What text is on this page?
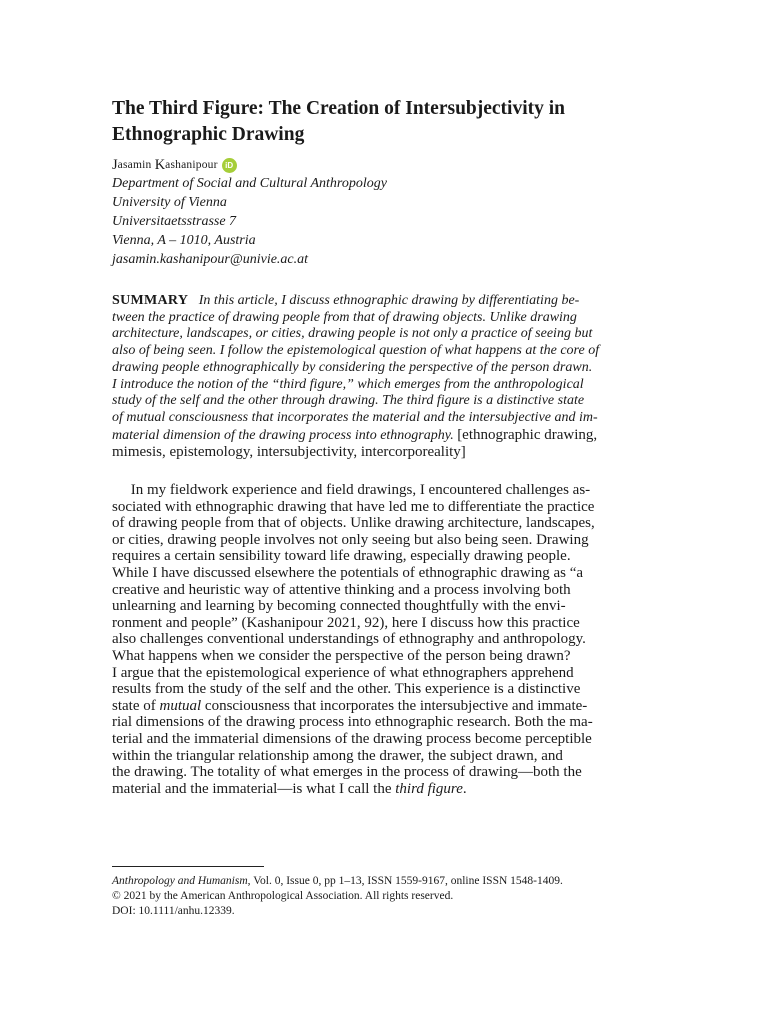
The Third Figure: The Creation of Intersubjectivity in
Ethnographic Drawing
J asamin
K ashanipour iD
Department of Social and Cultural Anthropology
University of Vienna
Universitaetsstrasse 7
Vienna, A – 1010, Austria
jasamin.kashanipour@univie.ac.at
SUMMARY In this article, I discuss ethnographic drawing by differentiating be-
tween the practice of drawing people from that of drawing objects. Unlike drawing
architecture, landscapes, or cities, drawing people is not only a practice of seeing but
also of being seen. I follow the epistemological question of what happens at the core of
drawing people ethnographically by considering the perspective of the person drawn.
I introduce the notion of the “third figure,” which emerges from the anthropological
study of the self and the other through drawing. The third figure is a distinctive state
of mutual consciousness that incorporates the material and the intersubjective and im-
material dimension of the drawing process into ethnography. [ethnographic drawing,
mimesis, epistemology, intersubjectivity, intercorporeality]
In my fieldwork experience and field drawings, I encountered challenges as-
sociated with ethnographic drawing that have led me to differentiate the practice
of drawing people from that of objects. Unlike drawing architecture, landscapes,
or cities, drawing people involves not only seeing but also being seen. Drawing
requires a certain sensibility toward life drawing, especially drawing people.
While I have discussed elsewhere the potentials of ethnographic drawing as “a
creative and heuristic way of attentive thinking and a process involving both
unlearning and learning by becoming connected thoughtfully with the envi-
ronment and people” (Kashanipour 2021, 92), here I discuss how this practice
also challenges conventional understandings of ethnography and anthropology.
What happens when we consider the perspective of the person being drawn?
I argue that the epistemological experience of what ethnographers apprehend
results from the study of the self and the other. This experience is a distinctive
state of mutual consciousness that incorporates the intersubjective and immate-
rial dimensions of the drawing process into ethnographic research. Both the ma-
terial and the immaterial dimensions of the drawing process become perceptible
within the triangular relationship among the drawer, the subject drawn, and
the drawing. The totality of what emerges in the process of drawing—both the
material and the immaterial—is what I call the third figure.
Anthropology and Humanism, Vol. 0, Issue 0, pp 1–13, ISSN 1559-9167, online ISSN 1548-1409.
© 2021 by the American Anthropological Association. All rights reserved.
DOI: 10.1111/anhu.12339.
